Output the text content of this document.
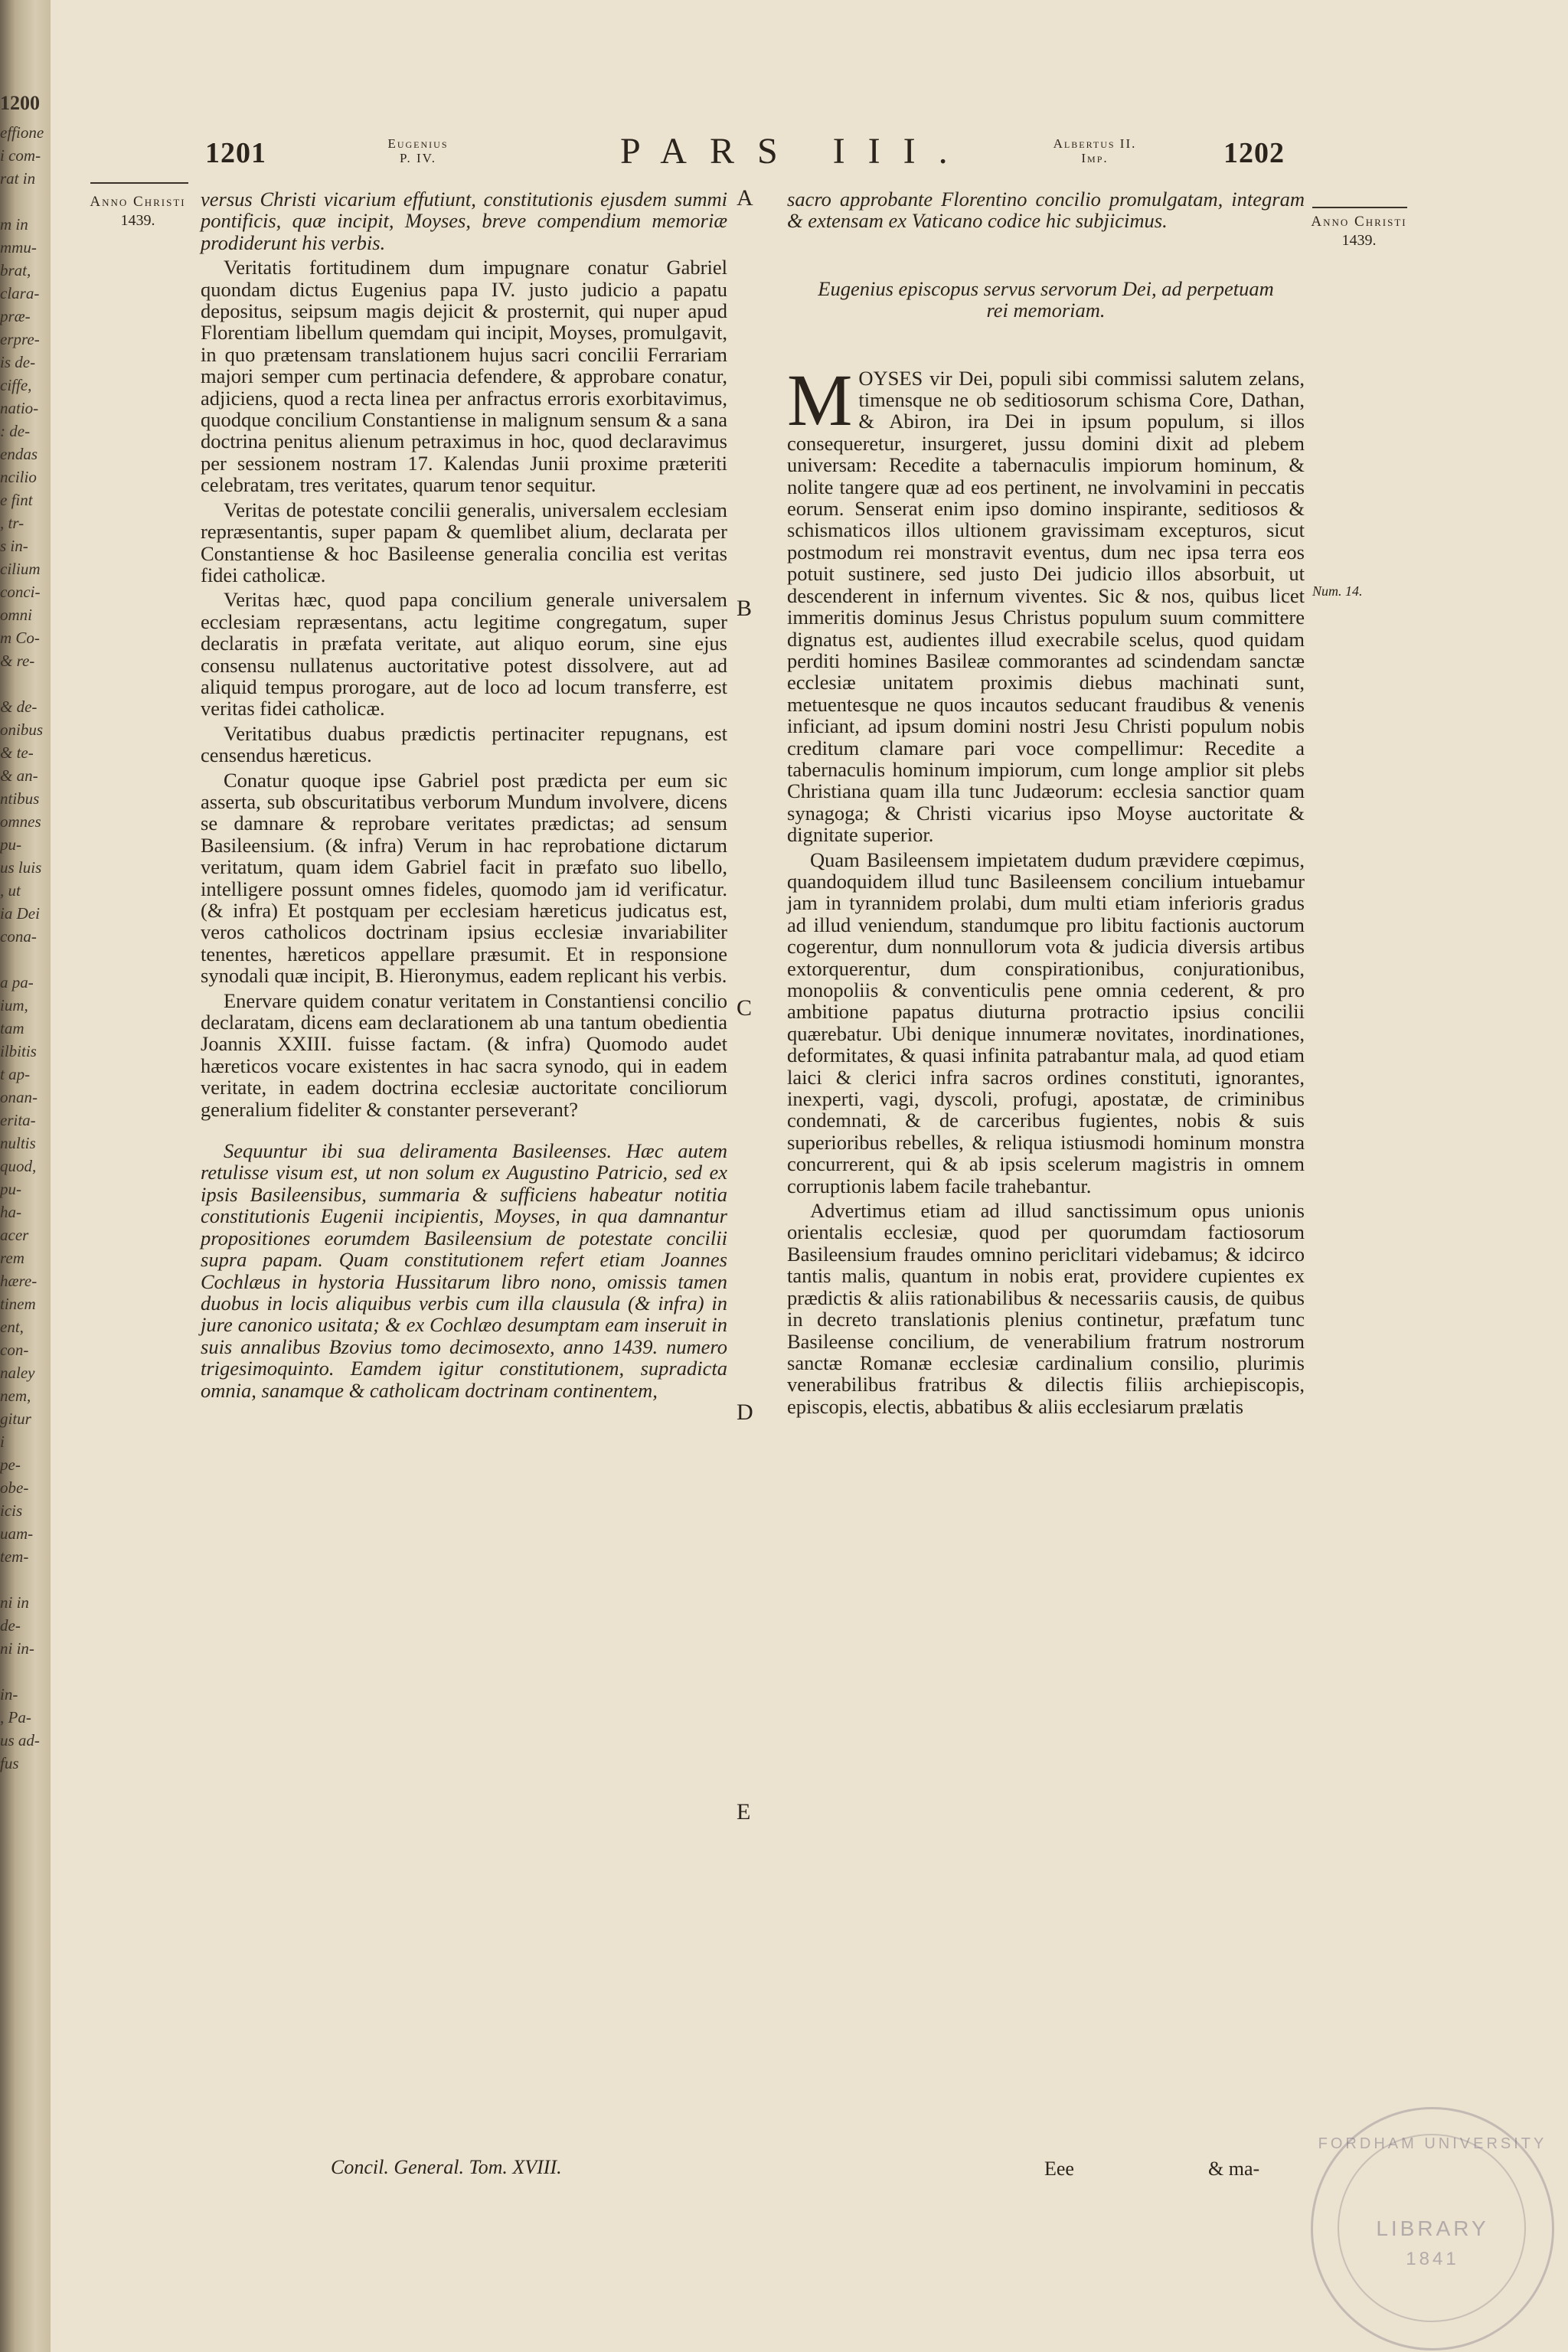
1200
effione
i com-
rat in
m in
mmu-
brat,
clara-
præ-
erpre-
is de-
ciffe,
natio-
: de-
endas
ncilio
e fint
, tr-
s in-
cilium
conci-
omni
m Co-
& re-
& de-
onibus
& te-
& an-
ntibus
omnes
pu-
us luis
, ut
ia Dei
cona-
a pa-
ium,
tam
ilbitis
t ap-
onan-
erita-
nultis
quod,
pu-
ha-
acer
rem
hære-
tinem
ent,
con-
naley
nem,
gitur
i
pe-
obe-
icis
uam-
tem-
ni in
de-
ni in-
in-
, Pa-
us ad-
fus
1201	Eugenius
P. IV.	PARS III.	Albertus II.
Imp.	1202
Anno Christi
1439.	Anno Christi
1439.
A
B
C
D
E
Num. 14.

versus Christi vicarium effutiunt, constitutionis ejusdem summi pontificis, quæ incipit, Moyses, breve compendium memoriæ prodiderunt his verbis.

Veritatis fortitudinem dum impugnare conatur Gabriel quondam dictus Eugenius papa IV. justo judicio a papatu depositus, seipsum magis dejicit & prosternit, qui nuper apud Florentiam libellum quemdam qui incipit, Moyses, promulgavit, in quo prætensam translationem hujus sacri concilii Ferrariam majori semper cum pertinacia defendere, & approbare conatur, adjiciens, quod a recta linea per anfractus erroris exorbitavimus, quodque concilium Constantiense in malignum sensum & a sana doctrina penitus alienum petraximus in hoc, quod declaravimus per sessionem nostram 17. Kalendas Junii proxime præteriti celebratam, tres veritates, quarum tenor sequitur.

Veritas de potestate concilii generalis, universalem ecclesiam repræsentantis, super papam & quemlibet alium, declarata per Constantiense & hoc Basileense generalia concilia est veritas fidei catholicæ.

Veritas hæc, quod papa concilium generale universalem ecclesiam repræsentans, actu legitime congregatum, super declaratis in præfata veritate, aut aliquo eorum, sine ejus consensu nullatenus auctoritative potest dissolvere, aut ad aliquid tempus prorogare, aut de loco ad locum transferre, est veritas fidei catholicæ.

Veritatibus duabus prædictis pertinaciter repugnans, est censendus hæreticus.

Conatur quoque ipse Gabriel post prædicta per eum sic asserta, sub obscuritatibus verborum Mundum involvere, dicens se damnare & reprobare veritates prædictas; ad sensum Basileensium. (& infra) Verum in hac reprobatione dictarum veritatum, quam idem Gabriel facit in præfato suo libello, intelligere possunt omnes fideles, quomodo jam id verificatur. (& infra) Et postquam per ecclesiam hæreticus judicatus est, veros catholicos doctrinam ipsius ecclesiæ invariabiliter tenentes, hæreticos appellare præsumit. Et in responsione synodali quæ incipit, B. Hieronymus, eadem replicant his verbis.

Enervare quidem conatur veritatem in Constantiensi concilio declaratam, dicens eam declarationem ab una tantum obedientia Joannis XXIII. fuisse factam. (& infra) Quomodo audet hæreticos vocare existentes in hac sacra synodo, qui in eadem veritate, in eadem doctrina ecclesiæ auctoritate conciliorum generalium fideliter & constanter perseverant?

Sequuntur ibi sua deliramenta Basileenses. Hæc autem retulisse visum est, ut non solum ex Augustino Patricio, sed ex ipsis Basileensibus, summaria & sufficiens habeatur notitia constitutionis Eugenii incipientis, Moyses, in qua damnantur propositiones eorumdem Basileensium de potestate concilii supra papam. Quam constitutionem refert etiam Joannes Cochlæus in hystoria Hussitarum libro nono, omissis tamen duobus in locis aliquibus verbis cum illa clausula (& infra) in jure canonico usitata; & ex Cochlæo desumptam eam inseruit in suis annalibus Bzovius tomo decimosexto, anno 1439. numero trigesimoquinto. Eamdem igitur constitutionem, supradicta omnia, sanamque & catholicam doctrinam continentem,

sacro approbante Florentino concilio promulgatam, integram & extensam ex Vaticano codice hic subjicimus.

Eugenius episcopus servus servorum Dei, ad perpetuam rei memoriam.

MOYSES vir Dei, populi sibi commissi salutem zelans, timensque ne ob seditiosorum schisma Core, Dathan, & Abiron, ira Dei in ipsum populum, si illos consequeretur, insurgeret, jussu domini dixit ad plebem universam: Recedite a tabernaculis impiorum hominum, & nolite tangere quæ ad eos pertinent, ne involvamini in peccatis eorum. Senserat enim ipso domino inspirante, seditiosos & schismaticos illos ultionem gravissimam excepturos, sicut postmodum rei monstravit eventus, dum nec ipsa terra eos potuit sustinere, sed justo Dei judicio illos absorbuit, ut descenderent in infernum viventes. Sic & nos, quibus licet immeritis dominus Jesus Christus populum suum committere dignatus est, audientes illud execrabile scelus, quod quidam perditi homines Basileæ commorantes ad scindendam sanctæ ecclesiæ unitatem proximis diebus machinati sunt, metuentesque ne quos incautos seducant fraudibus & venenis inficiant, ad ipsum domini nostri Jesu Christi populum nobis creditum clamare pari voce compellimur: Recedite a tabernaculis hominum impiorum, cum longe amplior sit plebs Christiana quam illa tunc Judæorum: ecclesia sanctior quam synagoga; & Christi vicarius ipso Moyse auctoritate & dignitate superior.

Quam Basileensem impietatem dudum prævidere cœpimus, quandoquidem illud tunc Basileensem concilium intuebamur jam in tyrannidem prolabi, dum multi etiam inferioris gradus ad illud veniendum, standumque pro libitu factionis auctorum cogerentur, dum nonnullorum vota & judicia diversis artibus extorquerentur, dum conspirationibus, conjurationibus, monopoliis & conventiculis pene omnia cederent, & pro ambitione papatus diuturna protractio ipsius concilii quærebatur. Ubi denique innumeræ novitates, inordinationes, deformitates, & quasi infinita patrabantur mala, ad quod etiam laici & clerici infra sacros ordines constituti, ignorantes, inexperti, vagi, dyscoli, profugi, apostatæ, de criminibus condemnati, & de carceribus fugientes, nobis & suis superioribus rebelles, & reliqua istiusmodi hominum monstra concurrerent, qui & ab ipsis scelerum magistris in omnem corruptionis labem facile trahebantur.

Advertimus etiam ad illud sanctissimum opus unionis orientalis ecclesiæ, quod per quorumdam factiosorum Basileensium fraudes omnino periclitari videbamus; & idcirco tantis malis, quantum in nobis erat, providere cupientes ex prædictis & aliis rationabilibus & necessariis causis, de quibus in decreto translationis plenius continetur, præfatum tunc Basileense concilium, de venerabilium fratrum nostrorum sanctæ Romanæ ecclesiæ cardinalium consilio, plurimis venerabilibus fratribus & dilectis filiis archiepiscopis, episcopis, electis, abbatibus & aliis ecclesiarum prælatis

Concil. General. Tom. XVIII.	Eee	& ma-
FORDHAM UNIVERSITY
LIBRARY
1841
